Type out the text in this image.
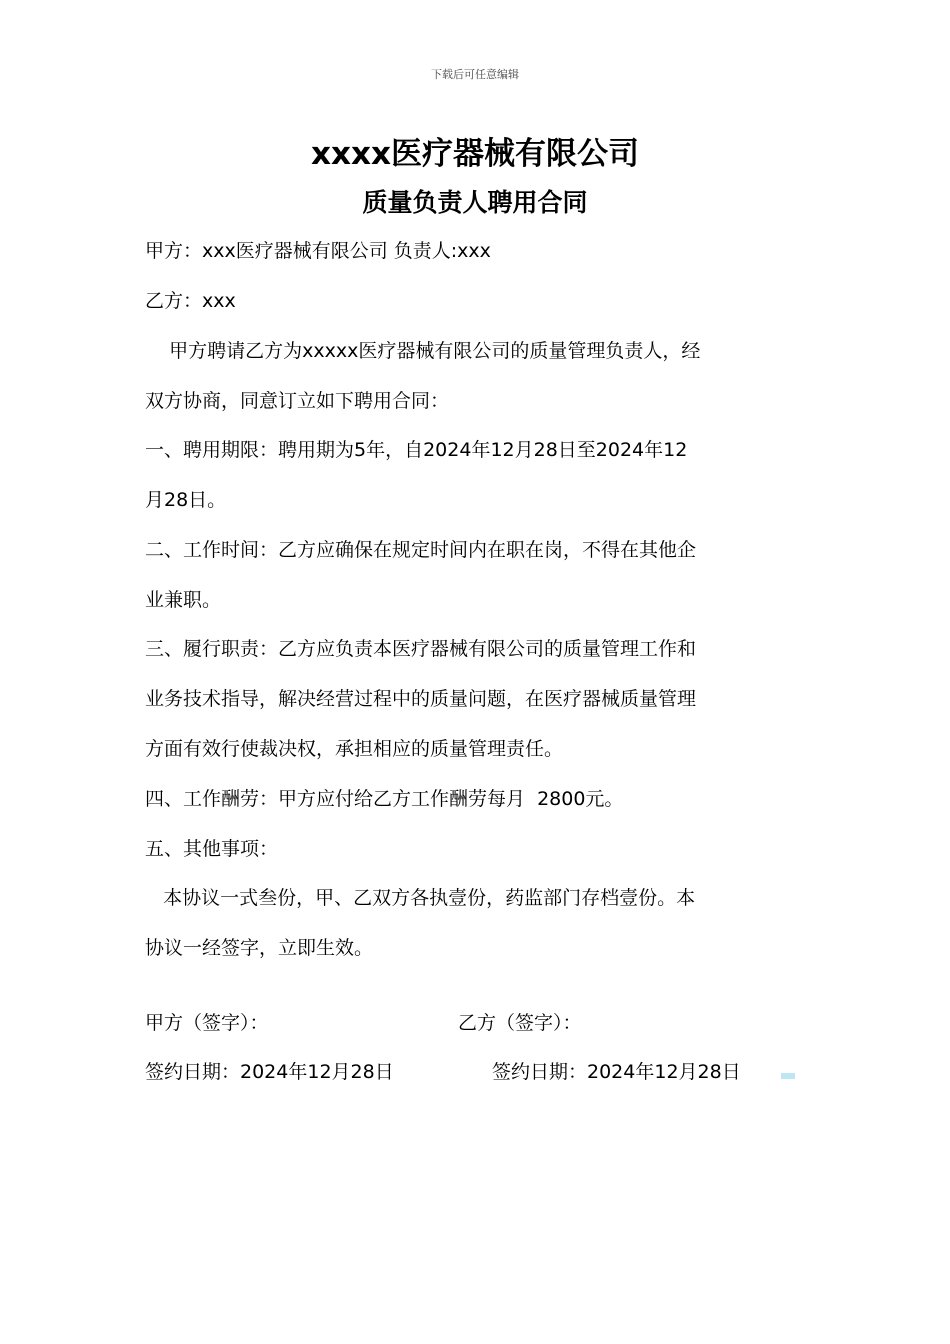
下载后可任意编辑
xxxx医疗器械有限公司
质量负责人聘用合同
甲方：xxx医疗器械有限公司 负责人:xxx
乙方：xxx
甲方聘请乙方为xxxxx医疗器械有限公司的质量管理负责人，经
双方协商，同意订立如下聘用合同：
一、聘用期限：聘用期为5年，自2024年12月28日至2024年12
月28日。
二、工作时间：乙方应确保在规定时间内在职在岗，不得在其他企
业兼职。
三、履行职责：乙方应负责本医疗器械有限公司的质量管理工作和
业务技术指导，解决经营过程中的质量问题，在医疗器械质量管理
方面有效行使裁决权，承担相应的质量管理责任。
四、工作酬劳：甲方应付给乙方工作酬劳每月  2800元。
五、其他事项：
本协议一式叁份，甲、乙双方各执壹份，药监部门存档壹份。本
协议一经签字，立即生效。
甲方（签字）：	乙方（签字）：
签约日期：2024年12月28日	签约日期：2024年12月28日
